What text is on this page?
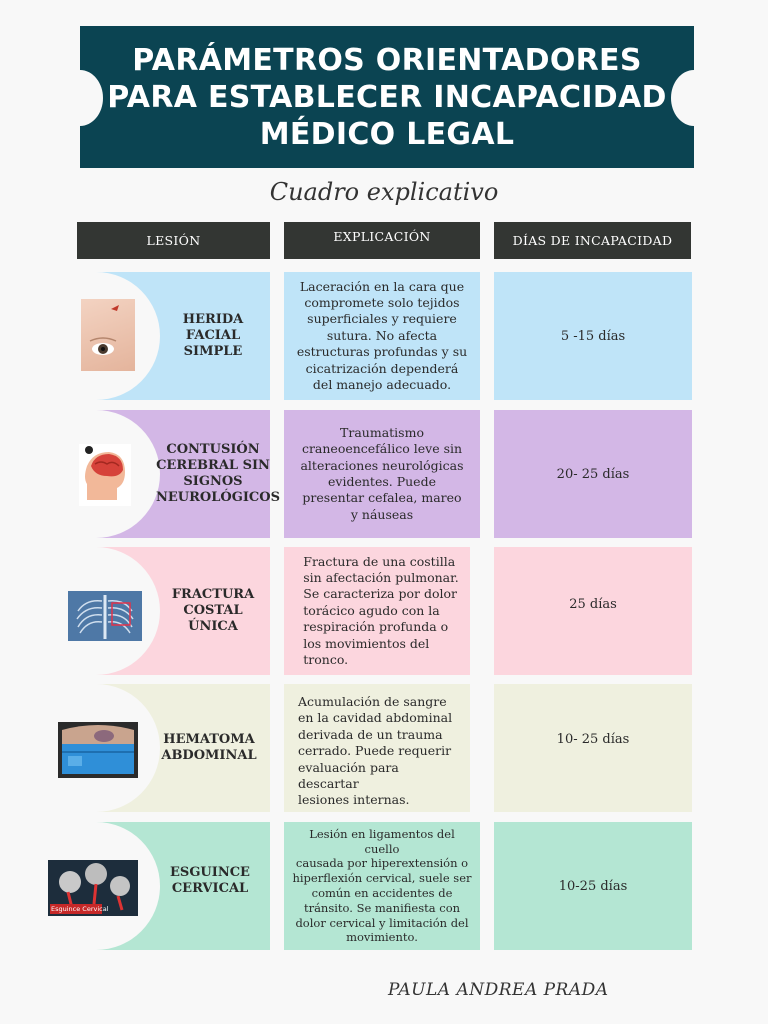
PARÁMETROS ORIENTADORES
PARA ESTABLECER INCAPACIDAD
MÉDICO LEGAL
Cuadro explicativo
LESIÓN	EXPLICACIÓN	DÍAS DE INCAPACIDAD
HERIDA
FACIAL
SIMPLE
Laceración en la cara que
compromete solo tejidos
superficiales y requiere
sutura. No afecta
estructuras profundas y su
cicatrización dependerá
del manejo adecuado.
5 -15 días
CONTUSIÓN
CEREBRAL SIN
SIGNOS
NEUROLÓGICOS
Traumatismo
craneoencefálico leve sin
alteraciones neurológicas
evidentes. Puede
presentar cefalea, mareo
y náuseas
20- 25 días
FRACTURA
COSTAL
ÚNICA
Fractura de una costilla
sin afectación pulmonar.
Se caracteriza por dolor
torácico agudo con la
respiración profunda o
los movimientos del
tronco.
25 días
HEMATOMA
ABDOMINAL
Acumulación de sangre
en la cavidad abdominal
derivada de un trauma
cerrado. Puede requerir
evaluación para descartar
lesiones internas.
10- 25 días
Esguince Cervical
ESGUINCE
CERVICAL
Lesión en ligamentos del cuello
causada por hiperextensión o
hiperflexión cervical, suele ser
común en accidentes de
tránsito. Se manifiesta con
dolor cervical y limitación del
movimiento.
10-25 días
PAULA ANDREA PRADA
